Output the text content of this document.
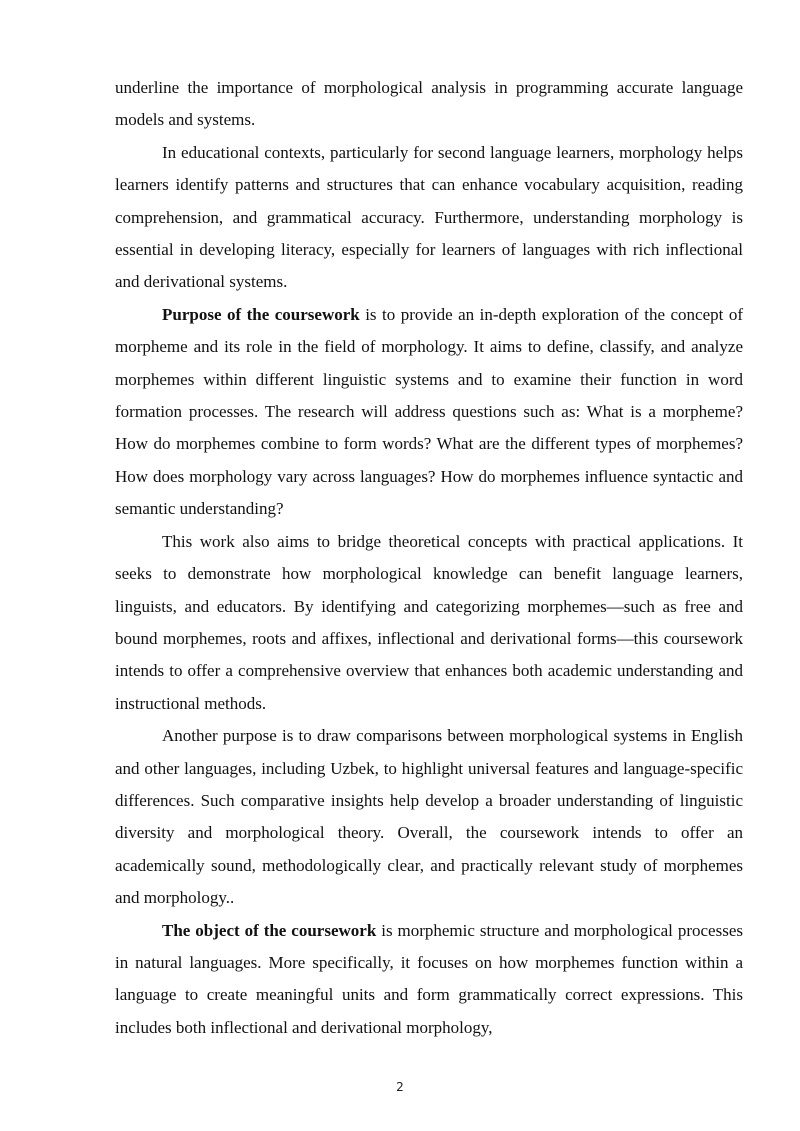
underline the importance of morphological analysis in programming accurate language models and systems.

In educational contexts, particularly for second language learners, morphology helps learners identify patterns and structures that can enhance vocabulary acquisition, reading comprehension, and grammatical accuracy. Furthermore, understanding morphology is essential in developing literacy, especially for learners of languages with rich inflectional and derivational systems.

Purpose of the coursework is to provide an in-depth exploration of the concept of morpheme and its role in the field of morphology. It aims to define, classify, and analyze morphemes within different linguistic systems and to examine their function in word formation processes. The research will address questions such as: What is a morpheme? How do morphemes combine to form words? What are the different types of morphemes? How does morphology vary across languages? How do morphemes influence syntactic and semantic understanding?

This work also aims to bridge theoretical concepts with practical applications. It seeks to demonstrate how morphological knowledge can benefit language learners, linguists, and educators. By identifying and categorizing morphemes—such as free and bound morphemes, roots and affixes, inflectional and derivational forms—this coursework intends to offer a comprehensive overview that enhances both academic understanding and instructional methods.

Another purpose is to draw comparisons between morphological systems in English and other languages, including Uzbek, to highlight universal features and language-specific differences. Such comparative insights help develop a broader understanding of linguistic diversity and morphological theory. Overall, the coursework intends to offer an academically sound, methodologically clear, and practically relevant study of morphemes and morphology..

The object of the coursework is morphemic structure and morphological processes in natural languages. More specifically, it focuses on how morphemes function within a language to create meaningful units and form grammatically correct expressions. This includes both inflectional and derivational morphology,

2
